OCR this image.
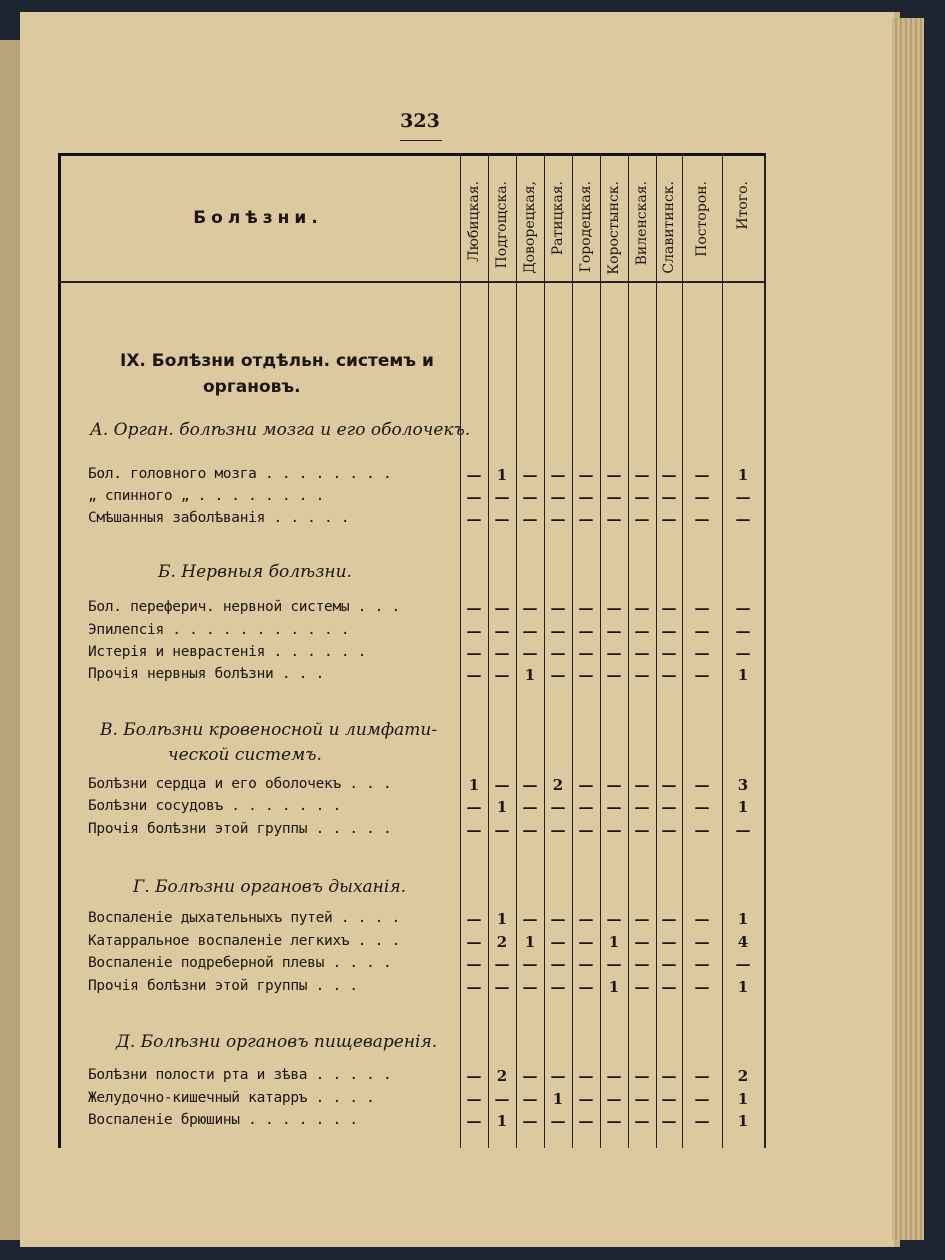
323
Болѣзни.
IX. Болѣзни отдѣльн. системъ и
органовъ.
А. Орган. болѣзни мозга и его оболочекъ.
Б. Нервныя болѣзни.
В. Болѣзни кровеносной и лимфати-
ческой системъ.
Г. Болѣзни органовъ дыханія.
Д. Болѣзни органовъ пищеваренія.
Любицкая. Подгощска. Доворецкая, Ратицкая. Городецкая. Коростынск. Виленская. Славитинск. Посторон. Итого.
Бол. головного мозга . . . . . . . .	—	1	— — — — — —	—	1
„ спинного „ . . . . . . . .	— — — — — — — —	—	—
Смѣшанныя заболѣванія . . . . .	— — — — — — — —	—	—
Бол. переферич. нервной системы . . .	— — — — — — — —	—	—
Эпилепсія . . . . . . . . . . .	— — — — — — — —	—	—
Истерія и неврастенія . . . . . .	— — — — — — — —	—	—
Прочія нервныя болѣзни . . .	— —	1	— — — — —	—	1
Болѣзни сердца и его оболочекъ . . .	1	— —	2	— — — —	—	3
Болѣзни сосудовъ . . . . . . .	—	1	— — — — — —	—	1
Прочія болѣзни этой группы . . . . .	— — — — — — — —	—	—
Воспаленіе дыхательныхъ путей . . . .	—	1	— — — — — —	—	1
Катарральное воспаленіе легкихъ . . .	—	2	1	— —	1	— —	—	4
Воспаленіе подреберной плевы . . . .	— — — — — — — —	—	—
Прочія болѣзни этой группы . . .	— — — — —	1	— —	—	1
Болѣзни полости рта и зѣва . . . . .	—	2	— — — — — —	—	2
Желудочно-кишечный катарръ . . . .	— — —	1	— — — —	—	1
Воспаленіе брюшины . . . . . . .	—	1	— — — — — —	—	1
